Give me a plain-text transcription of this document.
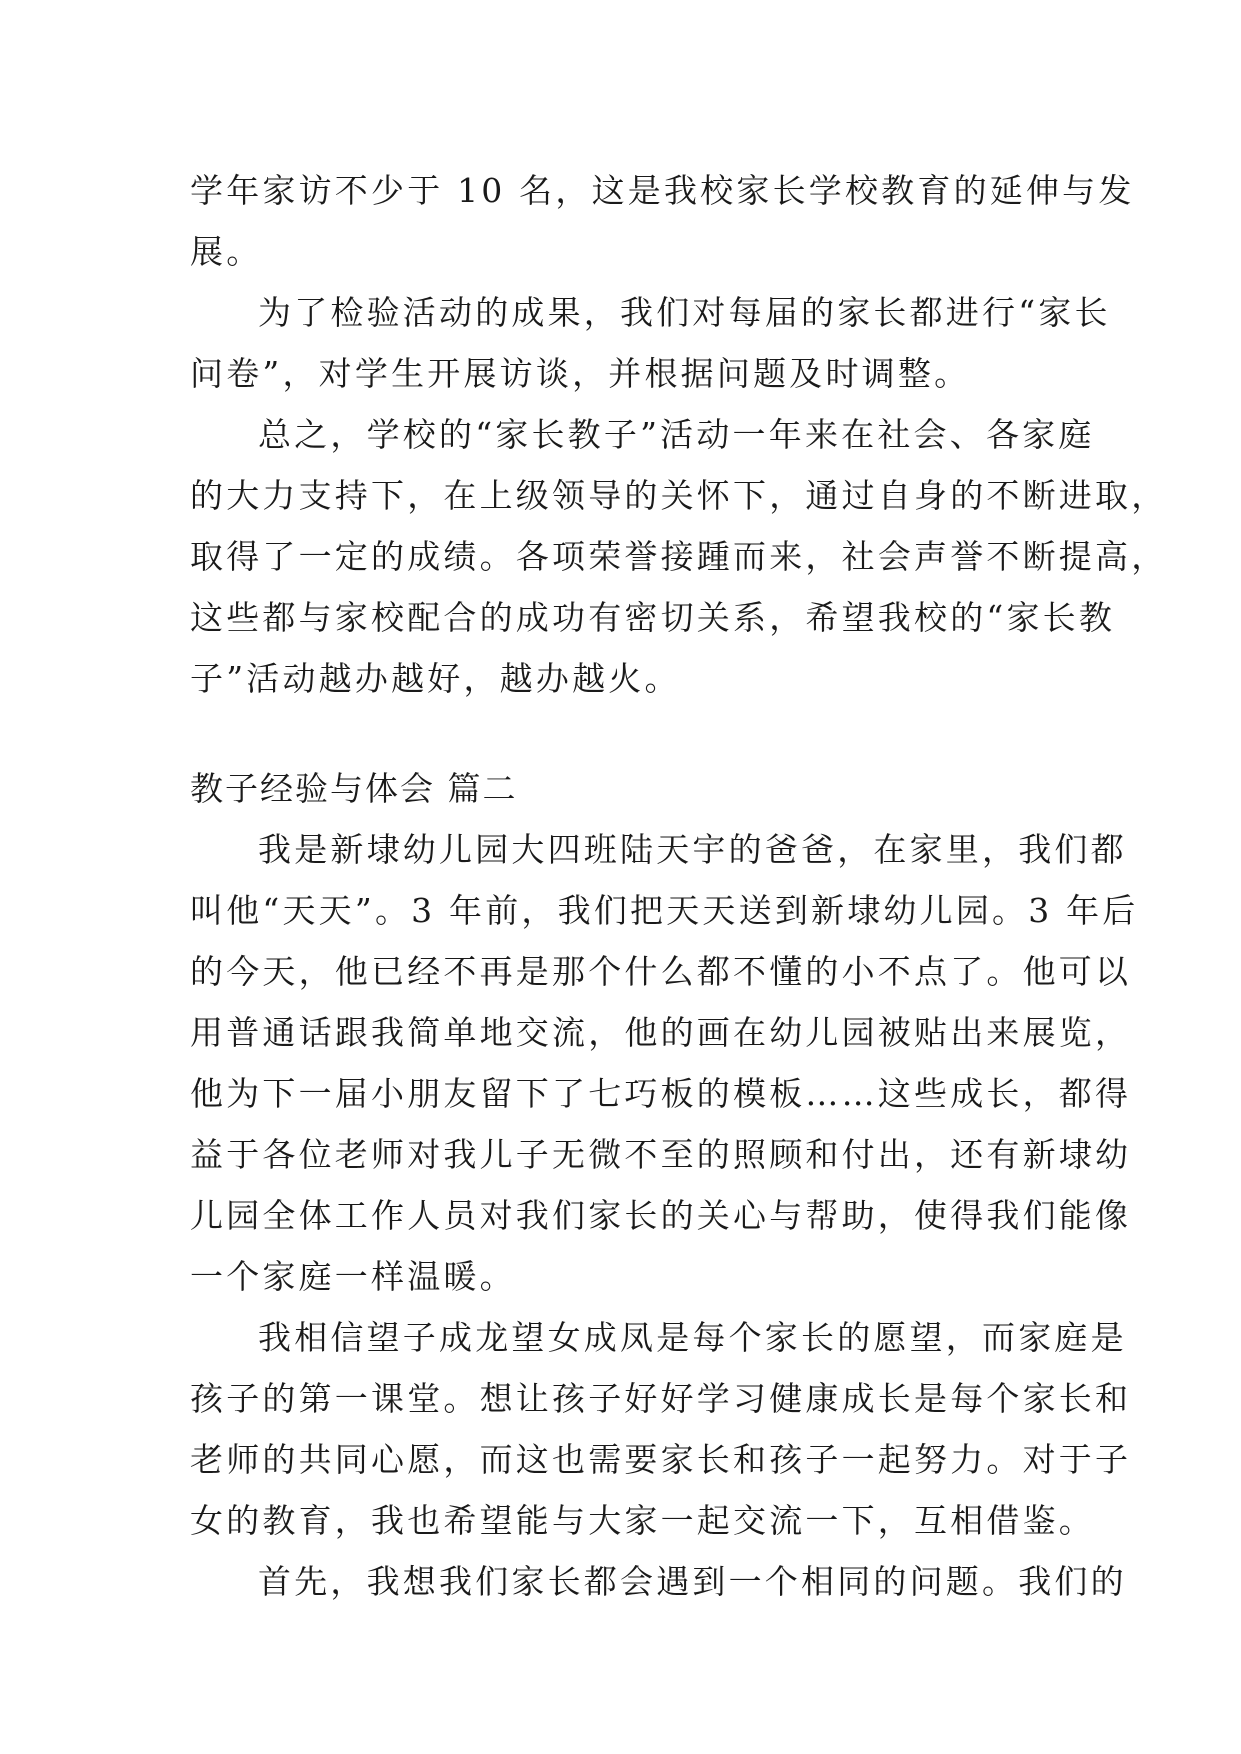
学年家访不少于 10 名，这是我校家长学校教育的延伸与发
展。
为了检验活动的成果，我们对每届的家长都进行“家长
问卷”，对学生开展访谈，并根据问题及时调整。
总之，学校的“家长教子”活动一年来在社会、各家庭
的大力支持下，在上级领导的关怀下，通过自身的不断进取，
取得了一定的成绩。各项荣誉接踵而来，社会声誉不断提高，
这些都与家校配合的成功有密切关系，希望我校的“家长教
子”活动越办越好，越办越火。
教子经验与体会 篇二
我是新埭幼儿园大四班陆天宇的爸爸，在家里，我们都
叫他“天天”。3 年前，我们把天天送到新埭幼儿园。3 年后
的今天，他已经不再是那个什么都不懂的小不点了。他可以
用普通话跟我简单地交流，他的画在幼儿园被贴出来展览，
他为下一届小朋友留下了七巧板的模板……这些成长，都得
益于各位老师对我儿子无微不至的照顾和付出，还有新埭幼
儿园全体工作人员对我们家长的关心与帮助，使得我们能像
一个家庭一样温暖。
我相信望子成龙望女成凤是每个家长的愿望，而家庭是
孩子的第一课堂。想让孩子好好学习健康成长是每个家长和
老师的共同心愿，而这也需要家长和孩子一起努力。对于子
女的教育，我也希望能与大家一起交流一下，互相借鉴。
首先，我想我们家长都会遇到一个相同的问题。我们的
